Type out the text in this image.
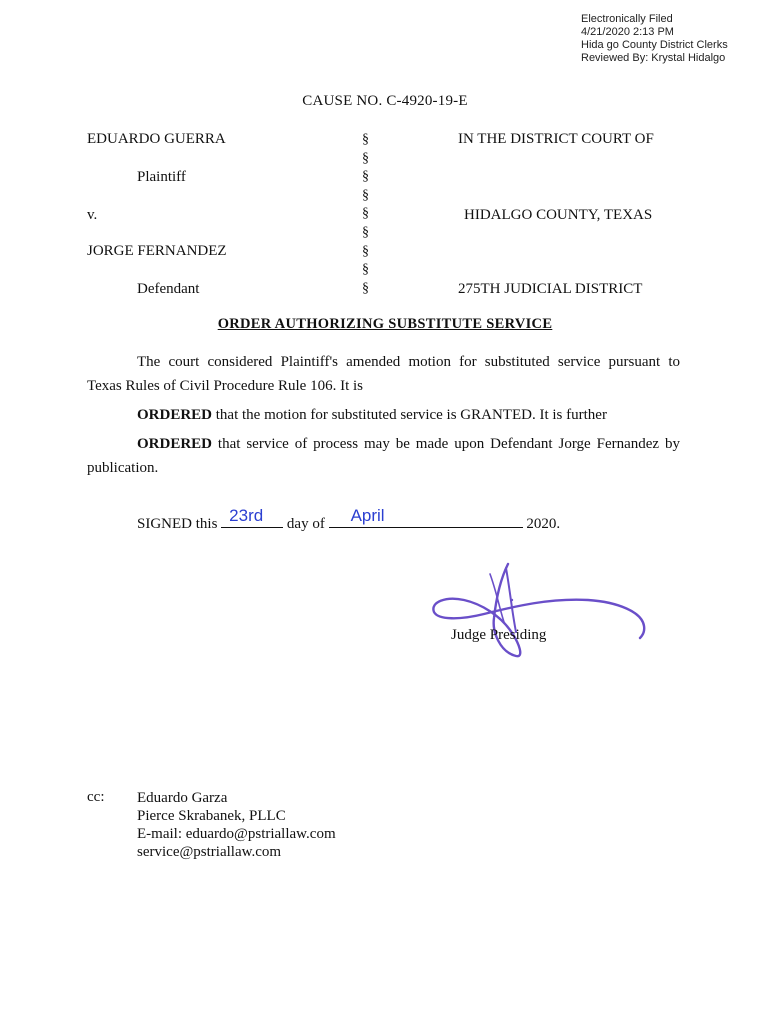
Electronically Filed
4/21/2020 2:13 PM
Hida go County District Clerks
Reviewed By: Krystal Hidalgo
CAUSE NO. C-4920-19-E
EDUARDO GUERRA
Plaintiff
v.
JORGE FERNANDEZ
Defendant
§
§
§
§
§
§
§
§
§
IN THE DISTRICT COURT OF
HIDALGO COUNTY, TEXAS
275TH JUDICIAL DISTRICT
ORDER AUTHORIZING SUBSTITUTE SERVICE
The court considered Plaintiff's amended motion for substituted service pursuant to
Texas Rules of Civil Procedure Rule 106. It is
ORDERED that the motion for substituted service is GRANTED. It is further
ORDERED that service of process may be made upon Defendant Jorge Fernandez by
publication.
SIGNED this 23rd day of April	2020.
Judge Presiding
cc: Eduardo Garza
Pierce Skrabanek, PLLC
E-mail: eduardo@pstriallaw.com
service@pstriallaw.com
